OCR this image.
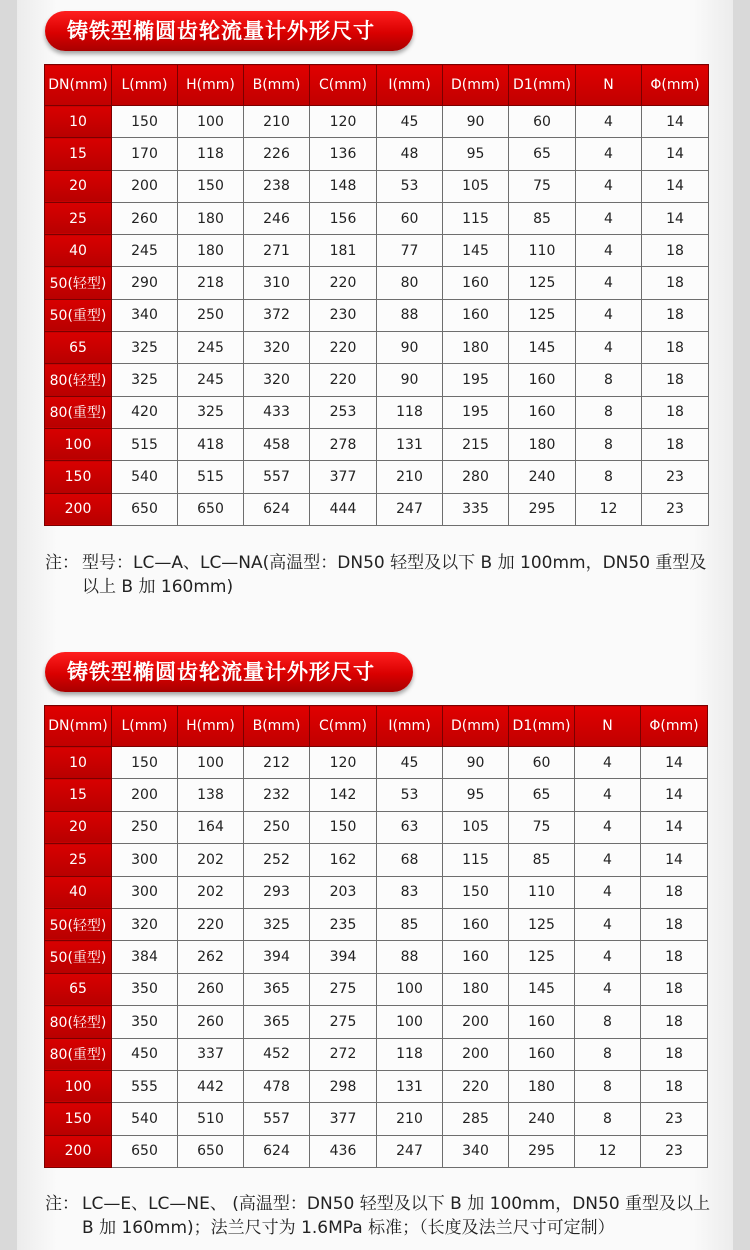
铸铁型椭圆齿轮流量计外形尺寸
DN(mm)	L(mm)	H(mm)	B(mm)	C(mm)	I(mm)	D(mm)	D1(mm)	N	Φ(mm)
10	150	100	210	120	45	90	60	4	14
15	170	118	226	136	48	95	65	4	14
20	200	150	238	148	53	105	75	4	14
25	260	180	246	156	60	115	85	4	14
40	245	180	271	181	77	145	110	4	18
50(轻型)	290	218	310	220	80	160	125	4	18
50(重型)	340	250	372	230	88	160	125	4	18
65	325	245	320	220	90	180	145	4	18
80(轻型)	325	245	320	220	90	195	160	8	18
80(重型)	420	325	433	253	118	195	160	8	18
100	515	418	458	278	131	215	180	8	18
150	540	515	557	377	210	280	240	8	23
200	650	650	624	444	247	335	295	12	23
注： 型号：LC—A、LC—NA(高温型：DN50 轻型及以下 B 加 100mm，DN50 重型及以上 B 加 160mm)
铸铁型椭圆齿轮流量计外形尺寸
DN(mm)	L(mm)	H(mm)	B(mm)	C(mm)	I(mm)	D(mm)	D1(mm)	N	Φ(mm)
10	150	100	212	120	45	90	60	4	14
15	200	138	232	142	53	95	65	4	14
20	250	164	250	150	63	105	75	4	14
25	300	202	252	162	68	115	85	4	14
40	300	202	293	203	83	150	110	4	18
50(轻型)	320	220	325	235	85	160	125	4	18
50(重型)	384	262	394	394	88	160	125	4	18
65	350	260	365	275	100	180	145	4	18
80(轻型)	350	260	365	275	100	200	160	8	18
80(重型)	450	337	452	272	118	200	160	8	18
100	555	442	478	298	131	220	180	8	18
150	540	510	557	377	210	285	240	8	23
200	650	650	624	436	247	340	295	12	23
注： LC—E、LC—NE、 (高温型：DN50 轻型及以下 B 加 100mm，DN50 重型及以上 B 加 160mm)；法兰尺寸为 1.6MPa 标准；（长度及法兰尺寸可定制）
